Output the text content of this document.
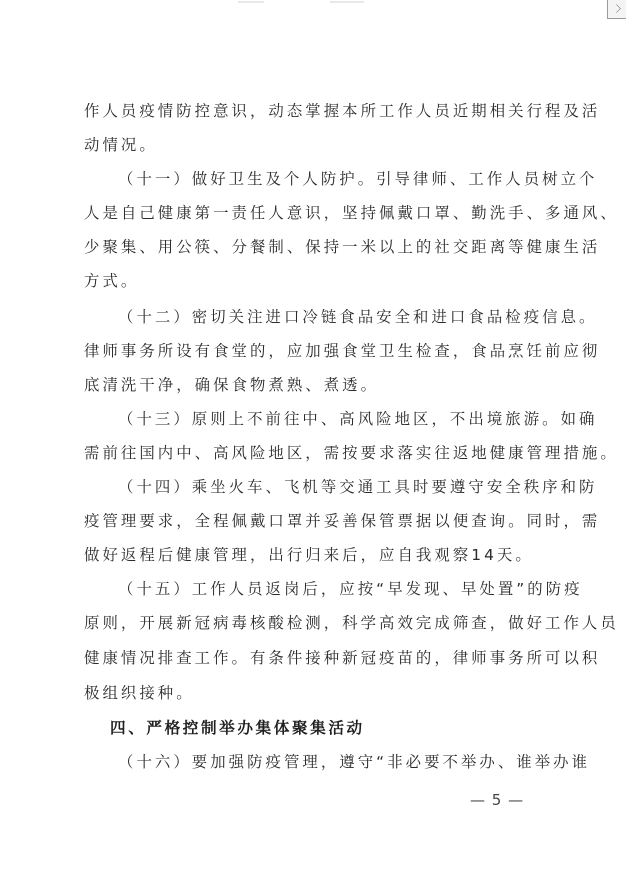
作人员疫情防控意识，动态掌握本所工作人员近期相关行程及活
动情况。
（十一）做好卫生及个人防护。引导律师、工作人员树立个
人是自己健康第一责任人意识，坚持佩戴口罩、勤洗手、多通风、
少聚集、用公筷、分餐制、保持一米以上的社交距离等健康生活
方式。
（十二）密切关注进口冷链食品安全和进口食品检疫信息。
律师事务所设有食堂的，应加强食堂卫生检查，食品烹饪前应彻
底清洗干净，确保食物煮熟、煮透。
（十三）原则上不前往中、高风险地区，不出境旅游。如确
需前往国内中、高风险地区，需按要求落实往返地健康管理措施。
（十四）乘坐火车、飞机等交通工具时要遵守安全秩序和防
疫管理要求，全程佩戴口罩并妥善保管票据以便查询。同时，需
做好返程后健康管理，出行归来后，应自我观察14天。
（十五）工作人员返岗后，应按“早发现、早处置”的防疫
原则，开展新冠病毒核酸检测，科学高效完成筛查，做好工作人员
健康情况排查工作。有条件接种新冠疫苗的，律师事务所可以积
极组织接种。
四、严格控制举办集体聚集活动
（十六）要加强防疫管理，遵守“非必要不举办、谁举办谁
— 5 —
